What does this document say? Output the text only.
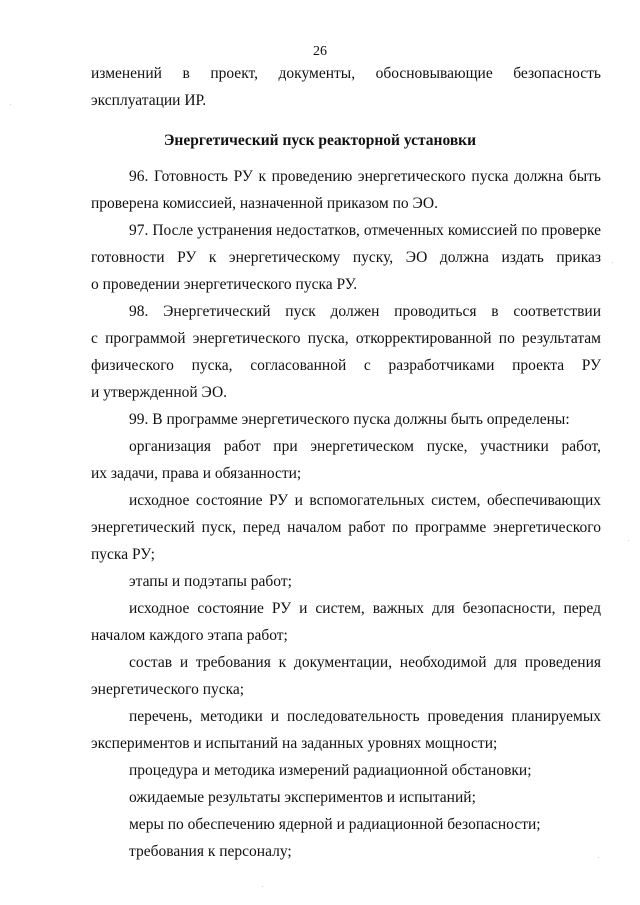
26
изменений в проект, документы, обосновывающие безопасность
эксплуатации ИР.
Энергетический пуск реакторной установки
96. Готовность РУ к проведению энергетического пуска должна быть
проверена комиссией, назначенной приказом по ЭО.
97. После устранения недостатков, отмеченных комиссией по проверке
готовности РУ к энергетическому пуску, ЭО должна издать приказ
о проведении энергетического пуска РУ.
98. Энергетический пуск должен проводиться в соответствии
с программой энергетического пуска, откорректированной по результатам
физического пуска, согласованной с разработчиками проекта РУ
и утвержденной ЭО.
99. В программе энергетического пуска должны быть определены:
организация работ при энергетическом пуске, участники работ,
их задачи, права и обязанности;
исходное состояние РУ и вспомогательных систем, обеспечивающих
энергетический пуск, перед началом работ по программе энергетического
пуска РУ;
этапы и подэтапы работ;
исходное состояние РУ и систем, важных для безопасности, перед
началом каждого этапа работ;
состав и требования к документации, необходимой для проведения
энергетического пуска;
перечень, методики и последовательность проведения планируемых
экспериментов и испытаний на заданных уровнях мощности;
процедура и методика измерений радиационной обстановки;
ожидаемые результаты экспериментов и испытаний;
меры по обеспечению ядерной и радиационной безопасности;
требования к персоналу;
